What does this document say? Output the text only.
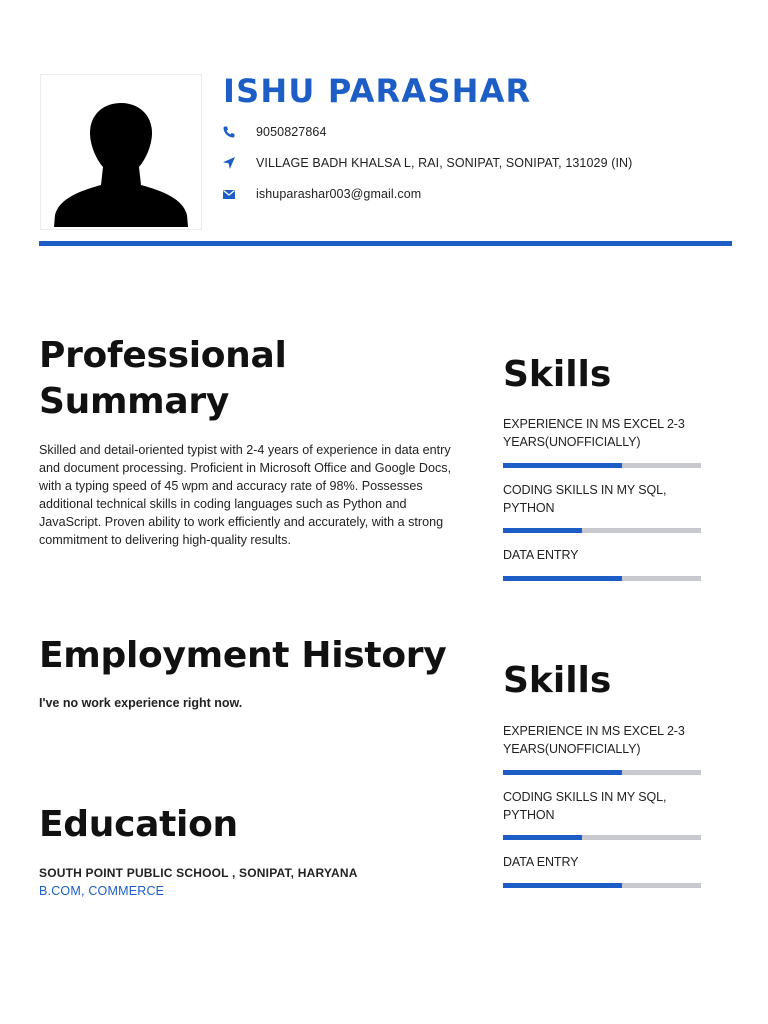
ISHU PARASHAR
9050827864
VILLAGE BADH KHALSA L, RAI, SONIPAT, SONIPAT, 131029 (IN)
ishuparashar003@gmail.com
Professional
Summary

Skilled and detail-oriented typist with 2-4 years of experience in data entry and document processing. Proficient in Microsoft Office and Google Docs, with a typing speed of 45 wpm and accuracy rate of 98%. Possesses additional technical skills in coding languages such as Python and JavaScript. Proven ability to work efficiently and accurately, with a strong commitment to delivering high-quality results.

Employment History

I've no work experience right now.

Education

SOUTH POINT PUBLIC SCHOOL , SONIPAT, HARYANA

B.COM, COMMERCE

Skills

EXPERIENCE IN MS EXCEL 2-3 YEARS(UNOFFICIALLY)

CODING SKILLS IN MY SQL, PYTHON

DATA ENTRY

Skills

EXPERIENCE IN MS EXCEL 2-3 YEARS(UNOFFICIALLY)

CODING SKILLS IN MY SQL, PYTHON

DATA ENTRY
